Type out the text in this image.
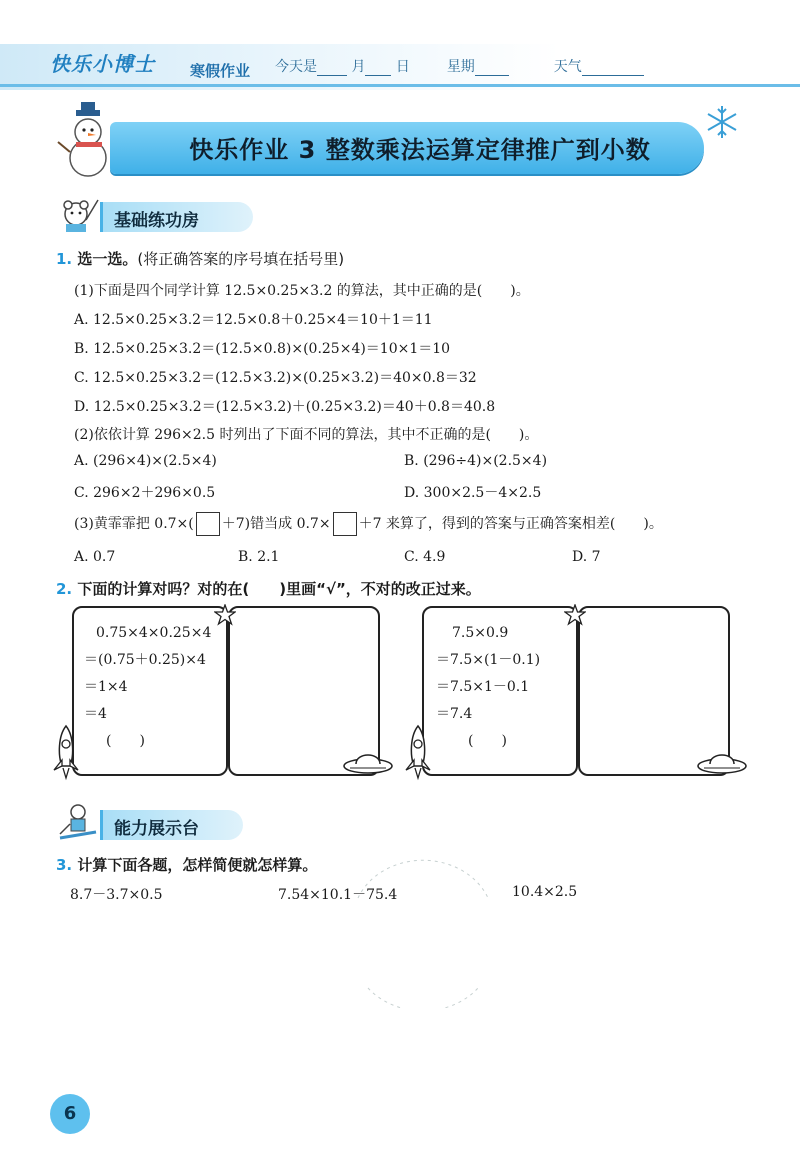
快乐小博士 寒假作业 今天是 月 日	星期	天气
快乐作业 3 整数乘法运算定律推广到小数
基础练功房
1. 选一选。(将正确答案的序号填在括号里)
(1)下面是四个同学计算 12.5×0.25×3.2 的算法，其中正确的是(　　)。
A. 12.5×0.25×3.2＝12.5×0.8＋0.25×4＝10＋1＝11
B. 12.5×0.25×3.2＝(12.5×0.8)×(0.25×4)＝10×1＝10
C. 12.5×0.25×3.2＝(12.5×3.2)×(0.25×3.2)＝40×0.8＝32
D. 12.5×0.25×3.2＝(12.5×3.2)＋(0.25×3.2)＝40＋0.8＝40.8
(2)依依计算 296×2.5 时列出了下面不同的算法，其中不正确的是(　　)。
A. (296×4)×(2.5×4)	B. (296÷4)×(2.5×4)
C. 296×2＋296×0.5	D. 300×2.5－4×2.5
(3)黄霏霏把 0.7×( ＋7)错当成 0.7× ＋7 来算了，得到的答案与正确答案相差(　　)。
A. 0.7	B. 2.1	C. 4.9	D. 7
2. 下面的计算对吗？对的在(　　)里画“√”，不对的改正过来。
0.75×4×0.25×4
＝(0.75＋0.25)×4
＝1×4
＝4
(　　)
7.5×0.9
＝7.5×(1－0.1)
＝7.5×1－0.1
＝7.4
(　　)
能力展示台
3. 计算下面各题，怎样简便就怎样算。
8.7－3.7×0.5	7.54×10.1－75.4	10.4×2.5
6
